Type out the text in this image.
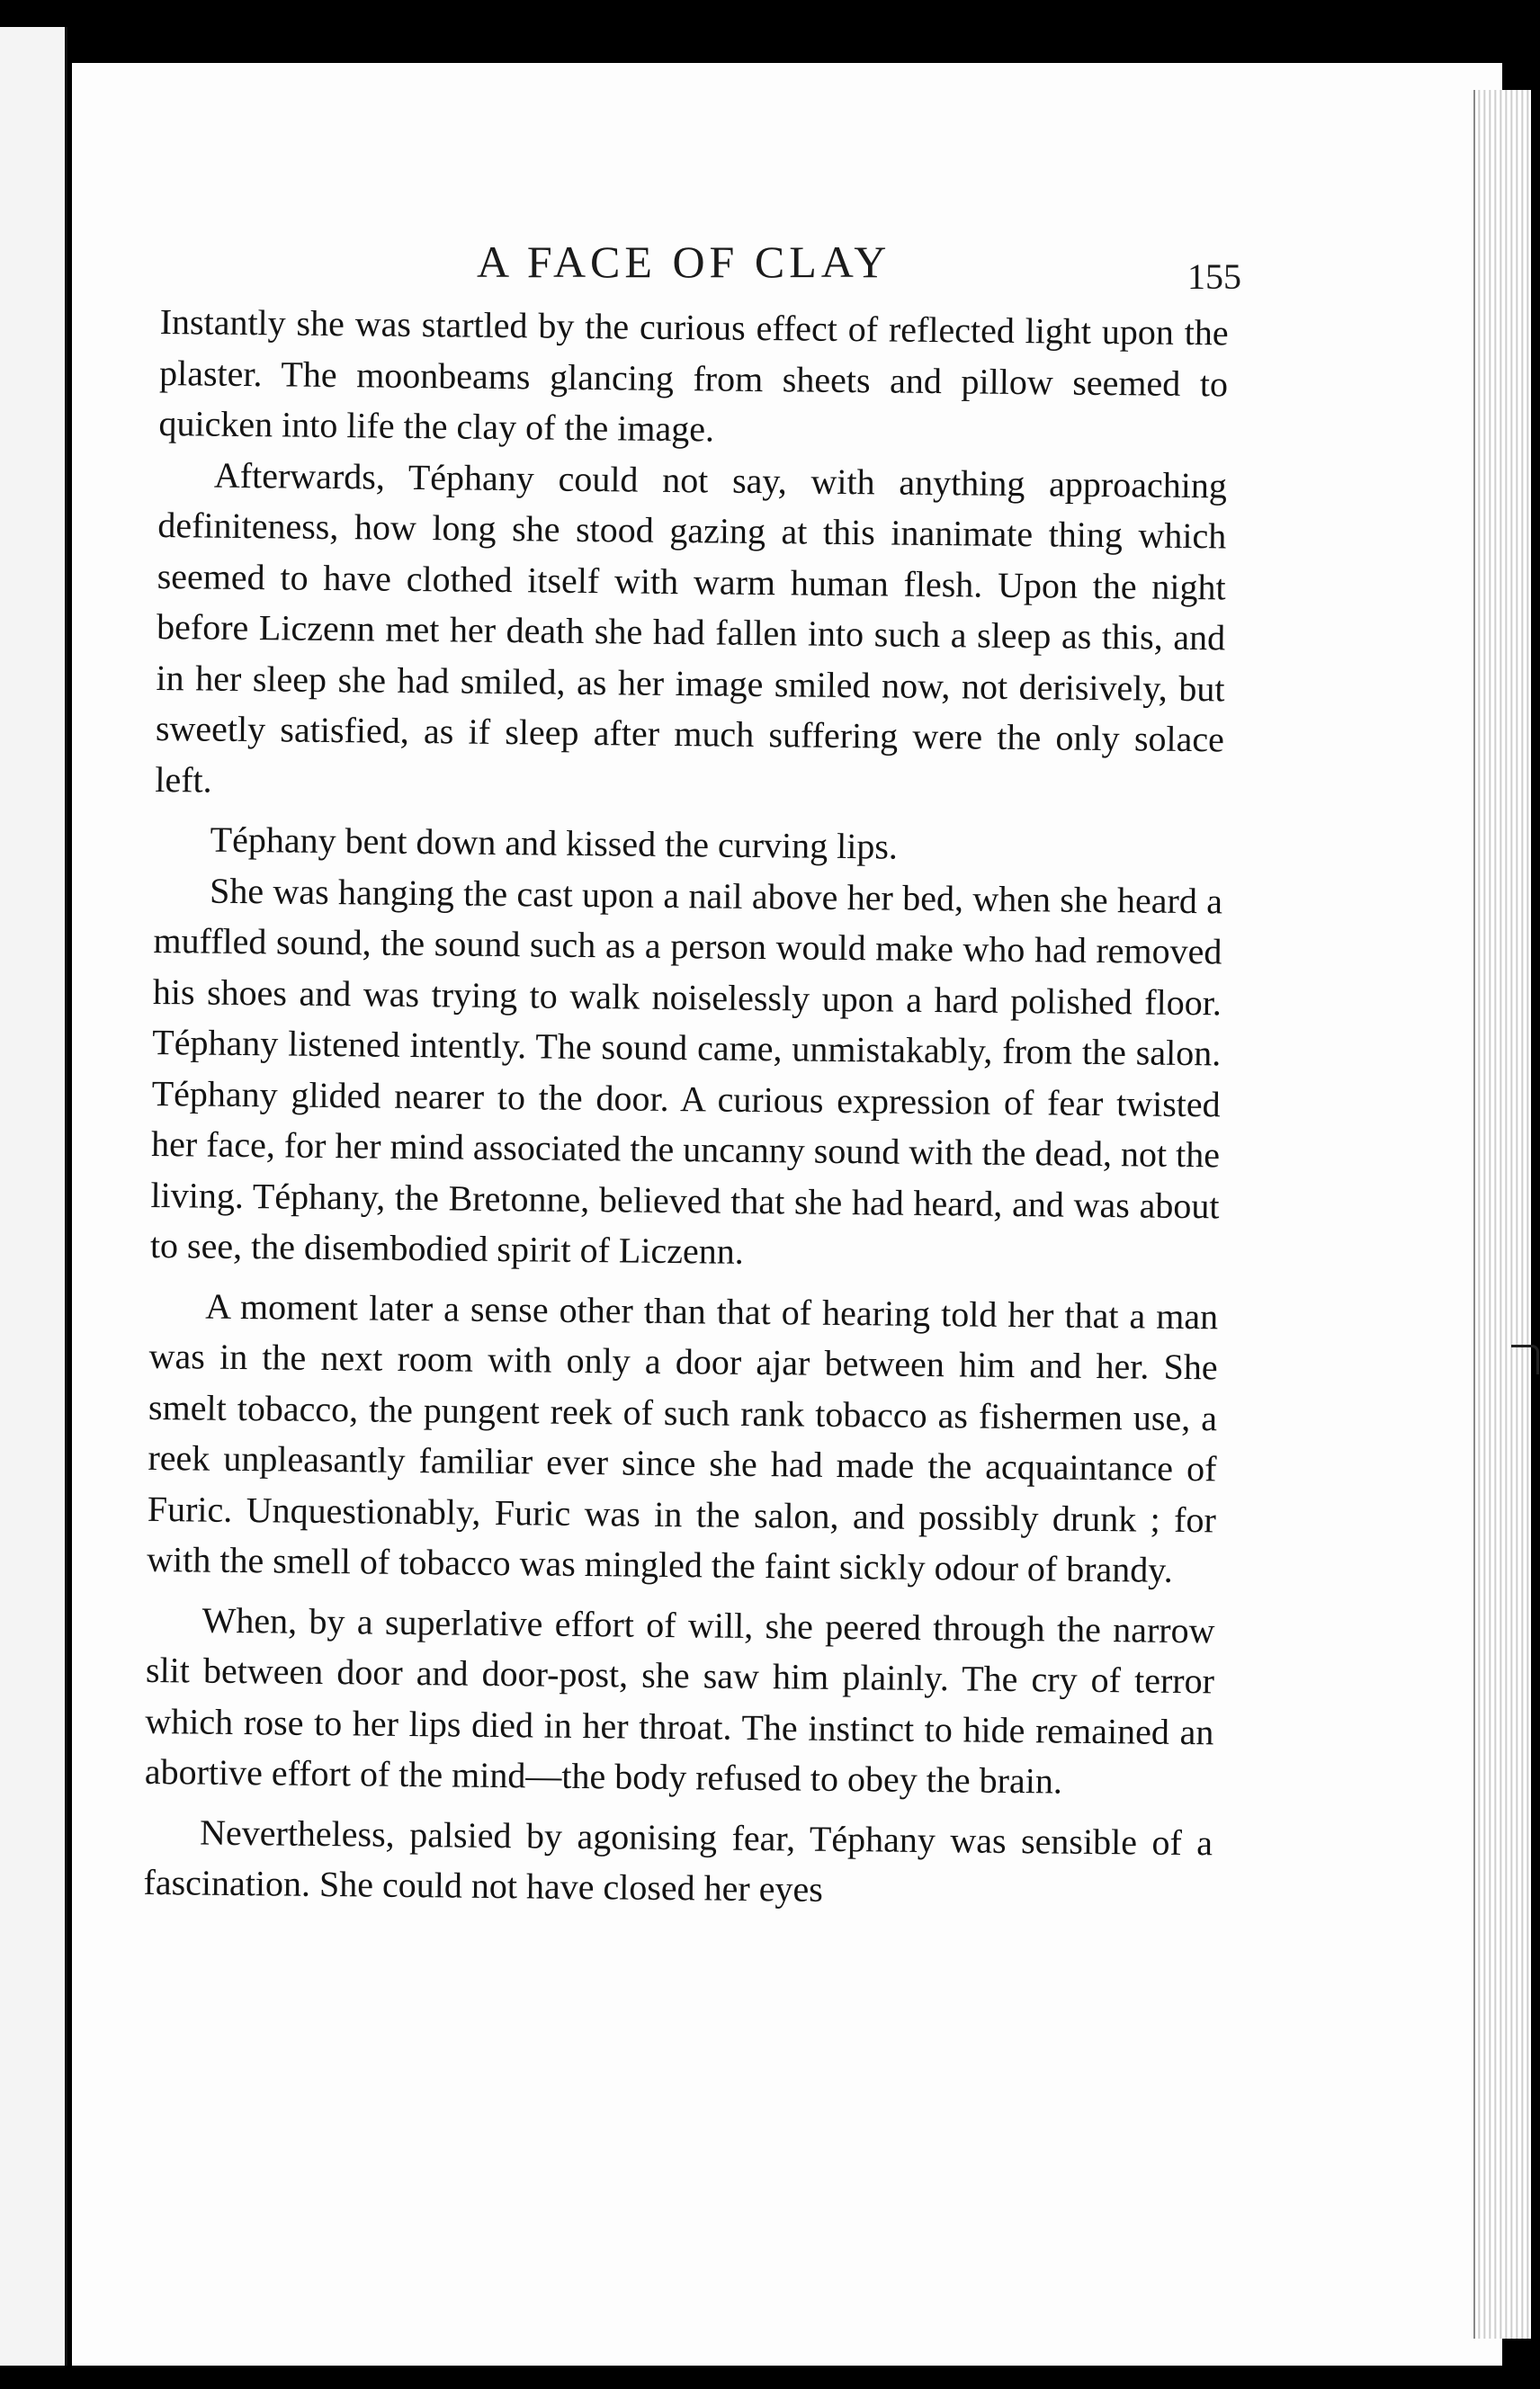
A FACE OF CLAY	155

Instantly she was startled by the curious effect of reflected light upon the plaster. The moonbeams glancing from sheets and pillow seemed to quicken into life the clay of the image.

Afterwards, Téphany could not say, with anything approaching definiteness, how long she stood gazing at this inanimate thing which seemed to have clothed itself with warm human flesh. Upon the night before Liczenn met her death she had fallen into such a sleep as this, and in her sleep she had smiled, as her image smiled now, not derisively, but sweetly satisfied, as if sleep after much suffering were the only solace left.

Téphany bent down and kissed the curving lips.

She was hanging the cast upon a nail above her bed, when she heard a muffled sound, the sound such as a person would make who had removed his shoes and was trying to walk noiselessly upon a hard polished floor. Téphany listened intently. The sound came, unmistakably, from the salon. Téphany glided nearer to the door. A curious expression of fear twisted her face, for her mind associated the uncanny sound with the dead, not the living. Téphany, the Bretonne, believed that she had heard, and was about to see, the disembodied spirit of Liczenn.

A moment later a sense other than that of hearing told her that a man was in the next room with only a door ajar between him and her. She smelt tobacco, the pungent reek of such rank tobacco as fishermen use, a reek unpleasantly familiar ever since she had made the acquaintance of Furic. Unquestionably, Furic was in the salon, and possibly drunk ; for with the smell of tobacco was mingled the faint sickly odour of brandy.

When, by a superlative effort of will, she peered through the narrow slit between door and door-post, she saw him plainly. The cry of terror which rose to her lips died in her throat. The instinct to hide remained an abortive effort of the mind—the body refused to obey the brain.

Nevertheless, palsied by agonising fear, Téphany was sensible of a fascination. She could not have closed her eyes
